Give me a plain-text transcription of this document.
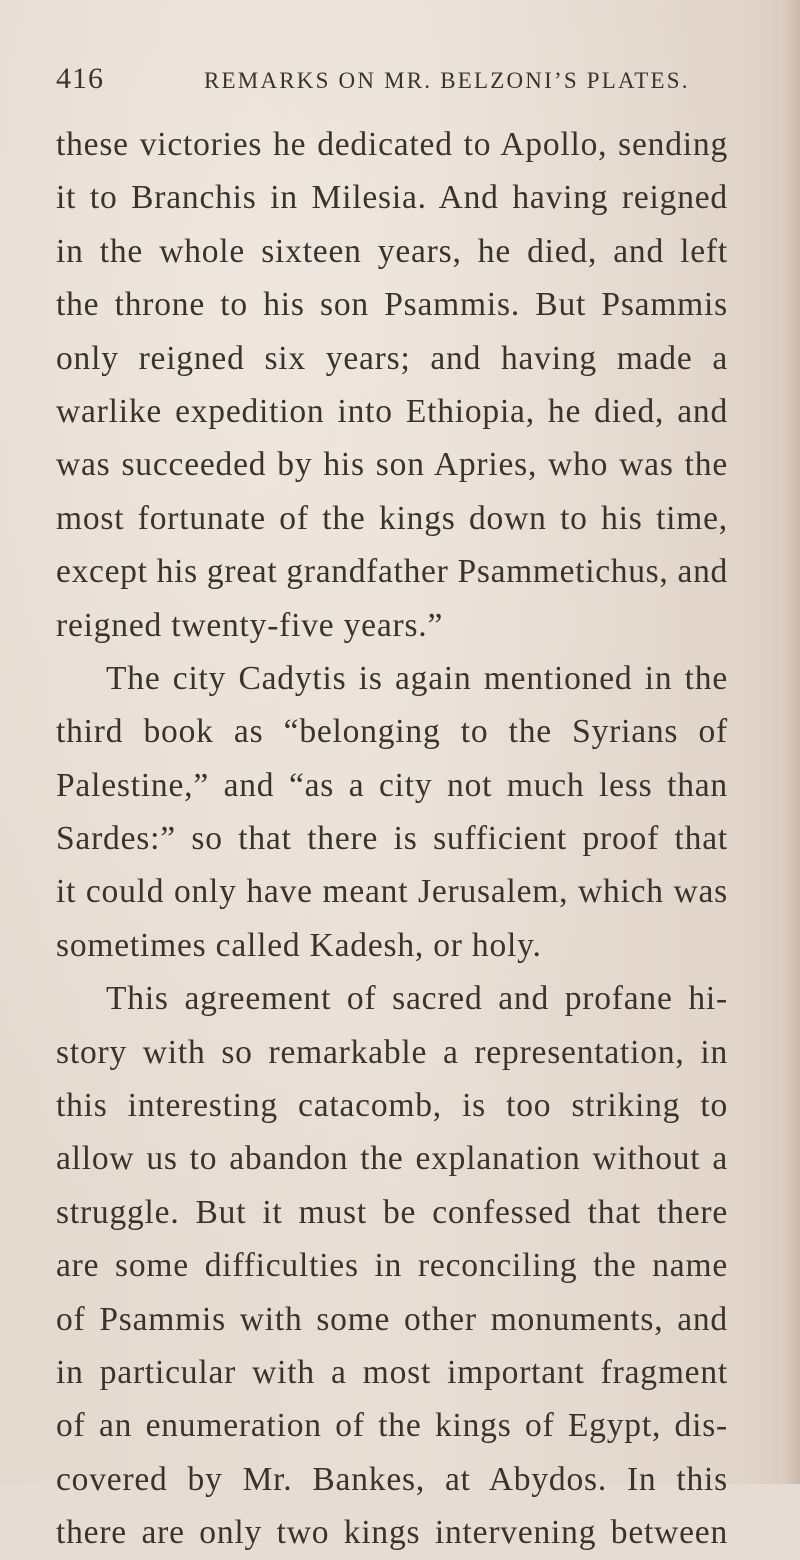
416	REMARKS ON MR. BELZONI’S PLATES.
these victories he dedicated to Apollo, sending
it to Branchis in Milesia. And having reigned
in the whole sixteen years, he died, and left
the throne to his son Psammis. But Psammis
only reigned six years; and having made a
warlike expedition into Ethiopia, he died, and
was succeeded by his son Apries, who was the
most fortunate of the kings down to his time,
except his great grandfather Psammetichus, and
reigned twenty-five years.”
The city Cadytis is again mentioned in the
third book as “belonging to the Syrians of
Palestine,” and “as a city not much less than
Sardes:” so that there is sufficient proof that
it could only have meant Jerusalem, which was
sometimes called Kadesh, or holy.
This agreement of sacred and profane hi-
story with so remarkable a representation, in
this interesting catacomb, is too striking to
allow us to abandon the explanation without a
struggle. But it must be confessed that there
are some difficulties in reconciling the name
of Psammis with some other monuments, and
in particular with a most important fragment
of an enumeration of the kings of Egypt, dis-
covered by Mr. Bankes, at Abydos. In this
there are only two kings intervening between
